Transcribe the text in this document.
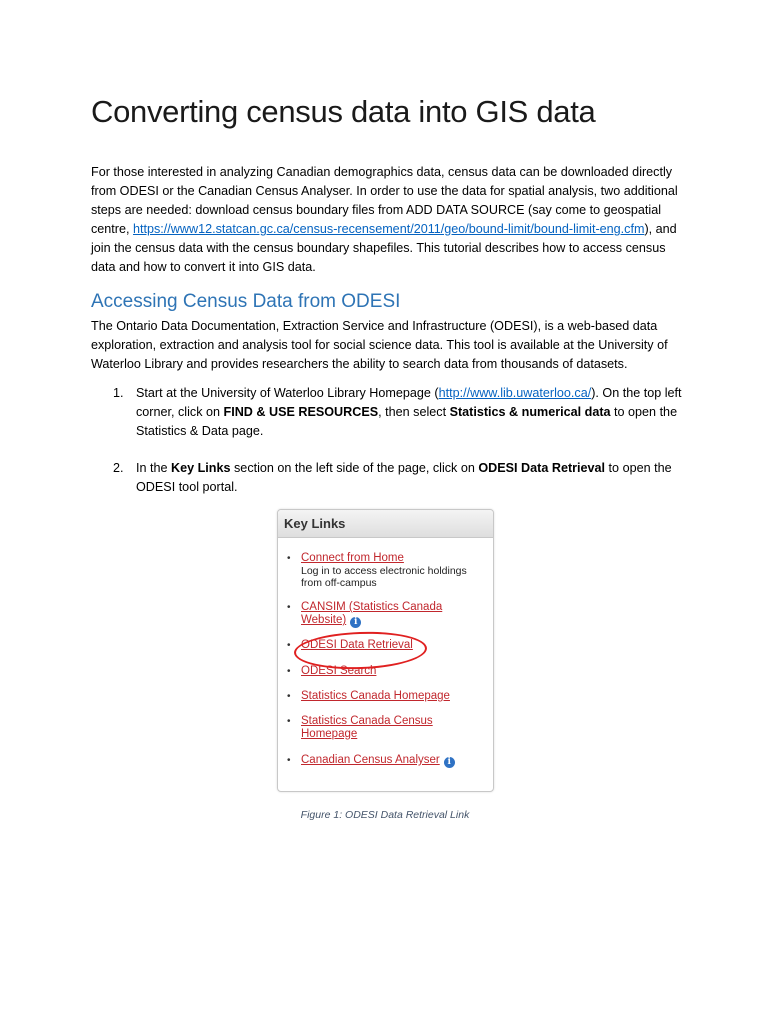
Converting census data into GIS data

For those interested in analyzing Canadian demographics data, census data can be downloaded directly from ODESI or the Canadian Census Analyser. In order to use the data for spatial analysis, two additional steps are needed: download census boundary files from ADD DATA SOURCE (say come to geospatial centre, https://www12.statcan.gc.ca/census-recensement/2011/geo/bound-limit/bound-limit-eng.cfm), and join the census data with the census boundary shapefiles. This tutorial describes how to access census data and how to convert it into GIS data.

Accessing Census Data from ODESI

The Ontario Data Documentation, Extraction Service and Infrastructure (ODESI), is a web-based data exploration, extraction and analysis tool for social science data. This tool is available at the University of Waterloo Library and provides researchers the ability to search data from thousands of datasets.

1. Start at the University of Waterloo Library Homepage (http://www.lib.uwaterloo.ca/). On the top left corner, click on FIND & USE RESOURCES, then select Statistics & numerical data to open the Statistics & Data page.
2. In the Key Links section on the left side of the page, click on ODESI Data Retrieval to open the ODESI tool portal.
Key Links
• Connect from Home
Log in to access electronic holdings from off-campus
• CANSIM (Statistics Canada Website) i
• ODESI Data Retrieval
• ODESI Search
• Statistics Canada Homepage
• Statistics Canada Census Homepage
• Canadian Census Analyser i
Figure 1: ODESI Data Retrieval Link
